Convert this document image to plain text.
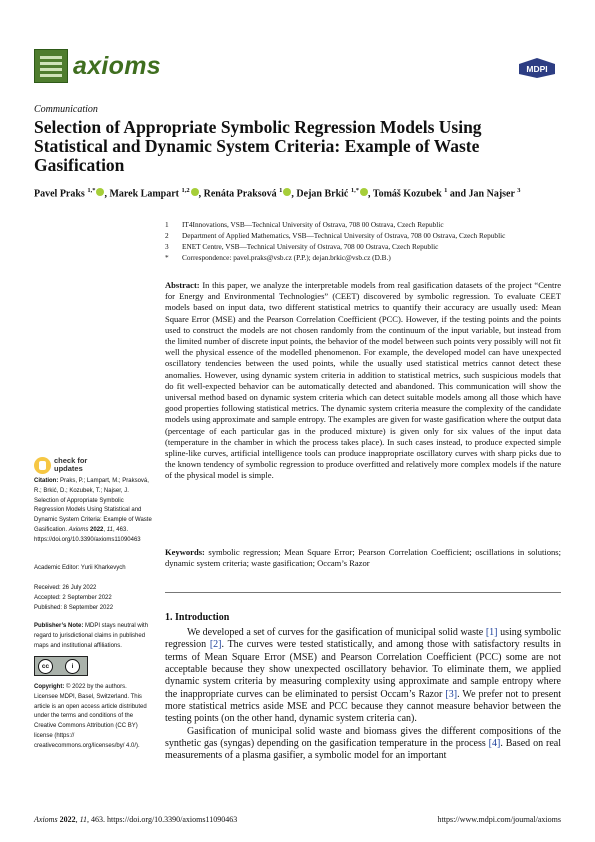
axioms	MDPI
Communication
Selection of Appropriate Symbolic Regression Models Using Statistical and Dynamic System Criteria: Example of Waste Gasification
Pavel Praks $^{1,*}$ , Marek Lampart $^{1,2}$ , Renáta Praksová $^1$ , Dejan Brkić $^{1,*}$ , Tomáš Kozubek $^1$ and Jan Najser $^3$
1	IT4Innovations, VSB—Technical University of Ostrava, 708 00 Ostrava, Czech Republic
2	Department of Applied Mathematics, VSB—Technical University of Ostrava, 708 00 Ostrava, Czech Republic
3	ENET Centre, VSB—Technical University of Ostrava, 708 00 Ostrava, Czech Republic
*	Correspondence: pavel.praks@vsb.cz (P.P.); dejan.brkic@vsb.cz (D.B.)
Abstract: In this paper, we analyze the interpretable models from real gasification datasets of the project “Centre for Energy and Environmental Technologies” (CEET) discovered by symbolic regression. To evaluate CEET models based on input data, two different statistical metrics to quantify their accuracy are usually used: Mean Square Error (MSE) and the Pearson Correlation Coefficient (PCC). However, if the testing points and the points used to construct the models are not chosen randomly from the continuum of the input variable, but instead from the limited number of discrete input points, the behavior of the model between such points very possibly will not fit well the physical essence of the modelled phenomenon. For example, the developed model can have unexpected oscillatory tendencies between the used points, while the usually used statistical metrics cannot detect these anomalies. However, using dynamic system criteria in addition to statistical metrics, such suspicious models that do fit well-expected behavior can be automatically detected and abandoned. This communication will show the universal method based on dynamic system criteria which can detect suitable models among all those which have good properties following statistical metrics. The dynamic system criteria measure the complexity of the candidate models using approximate and sample entropy. The examples are given for waste gasification where the output data (percentage of each particular gas in the produced mixture) is given only for six values of the input data (temperature in the chamber in which the process takes place). In such cases instead, to produce expected simple spline-like curves, artificial intelligence tools can produce inappropriate oscillatory curves with sharp picks due to the known tendency of symbolic regression to produce overfitted and relatively more complex models if the nature of the physical model is simple.
Keywords: symbolic regression; Mean Square Error; Pearson Correlation Coefficient; oscillations in solutions; dynamic system criteria; waste gasification; Occam’s Razor
check for
updates
Citation: Praks, P.; Lampart, M.; Praksová, R.; Brkić, D.; Kozubek, T.; Najser, J. Selection of Appropriate Symbolic Regression Models Using Statistical and Dynamic System Criteria: Example of Waste Gasification. Axioms 2022, 11, 463. https://doi.org/10.3390/axioms11090463
Academic Editor: Yurii Kharkevych
Received: 26 July 2022
Accepted: 2 September 2022
Published: 8 September 2022
Publisher’s Note: MDPI stays neutral with regard to jurisdictional claims in published maps and institutional affiliations.
cc	i
Copyright: © 2022 by the authors. Licensee MDPI, Basel, Switzerland. This article is an open access article distributed under the terms and conditions of the Creative Commons Attribution (CC BY) license (https:// creativecommons.org/licenses/by/ 4.0/).
1. Introduction

We developed a set of curves for the gasification of municipal solid waste [1] using symbolic regression [2]. The curves were tested statistically, and among those with satisfactory results in terms of Mean Square Error (MSE) and Pearson Correlation Coefficient (PCC) some are not acceptable because they show unexpected oscillatory behavior. To eliminate them, we applied dynamic system criteria by measuring complexity using approximate and sample entropy where the inappropriate curves can be eliminated to persist Occam’s Razor [3]. We prefer not to present more statistical metrics aside MSE and PCC because they cannot measure behavior between the testing points (on the other hand, dynamic system criteria can).

Gasification of municipal solid waste and biomass gives the different compositions of the synthetic gas (syngas) depending on the gasification temperature in the process [4]. Based on real measurements of a plasma gasifier, a symbolic model for an important

Axioms 2022, 11, 463. https://doi.org/10.3390/axioms11090463	https://www.mdpi.com/journal/axioms
